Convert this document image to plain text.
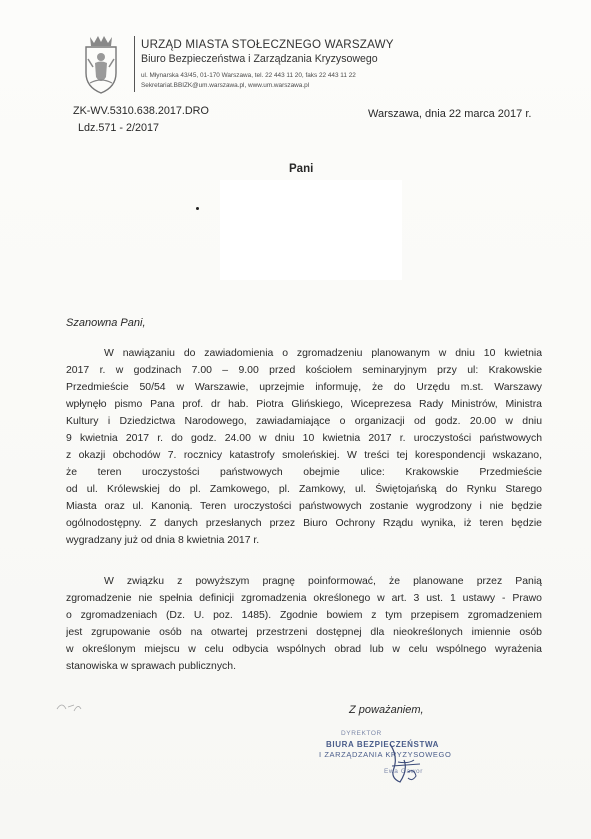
URZĄD MIASTA STOŁECZNEGO WARSZAWY
Biuro Bezpieczeństwa i Zarządzania Kryzysowego
ul. Młynarska 43/45, 01-170 Warszawa, tel. 22 443 11 20, faks 22 443 11 22
Sekretariat.BBIZK@um.warszawa.pl, www.um.warszawa.pl
ZK-WV.5310.638.2017.DRO
Ldz.571 - 2/2017
Warszawa, dnia 22 marca 2017 r.
Pani
Szanowna Pani,
W nawiązaniu do zawiadomienia o zgromadzeniu planowanym w dniu 10 kwietnia
2017 r. w godzinach 7.00 – 9.00 przed kościołem seminaryjnym przy ul: Krakowskie
Przedmieście 50/54 w Warszawie, uprzejmie informuję, że do Urzędu m.st. Warszawy
wpłynęło pismo Pana prof. dr hab. Piotra Glińskiego, Wiceprezesa Rady Ministrów, Ministra
Kultury i Dziedzictwa Narodowego, zawiadamiające o organizacji od godz. 20.00 w dniu
9 kwietnia 2017 r. do godz. 24.00 w dniu 10 kwietnia 2017 r. uroczystości państwowych
z okazji obchodów 7. rocznicy katastrofy smoleńskiej. W treści tej korespondencji wskazano,
że teren uroczystości państwowych obejmie ulice: Krakowskie Przedmieście
od ul. Królewskiej do pl. Zamkowego, pl. Zamkowy, ul. Świętojańską do Rynku Starego
Miasta oraz ul. Kanonią. Teren uroczystości państwowych zostanie wygrodzony i nie będzie
ogólnodostępny. Z danych przesłanych przez Biuro Ochrony Rządu wynika, iż teren będzie
wygradzany już od dnia 8 kwietnia 2017 r.
W związku z powyższym pragnę poinformować, że planowane przez Panią
zgromadzenie nie spełnia definicji zgromadzenia określonego w art. 3 ust. 1 ustawy - Prawo
o zgromadzeniach (Dz. U. poz. 1485). Zgodnie bowiem z tym przepisem zgromadzeniem
jest zgrupowanie osób na otwartej przestrzeni dostępnej dla nieokreślonych imiennie osób
w określonym miejscu w celu odbycia wspólnych obrad lub w celu wspólnego wyrażenia
stanowiska w sprawach publicznych.
Z poważaniem,
DYREKTOR
BIURA BEZPIECZEŃSTWA
I ZARZĄDZANIA KRYZYSOWEGO
Ewa Gawor
